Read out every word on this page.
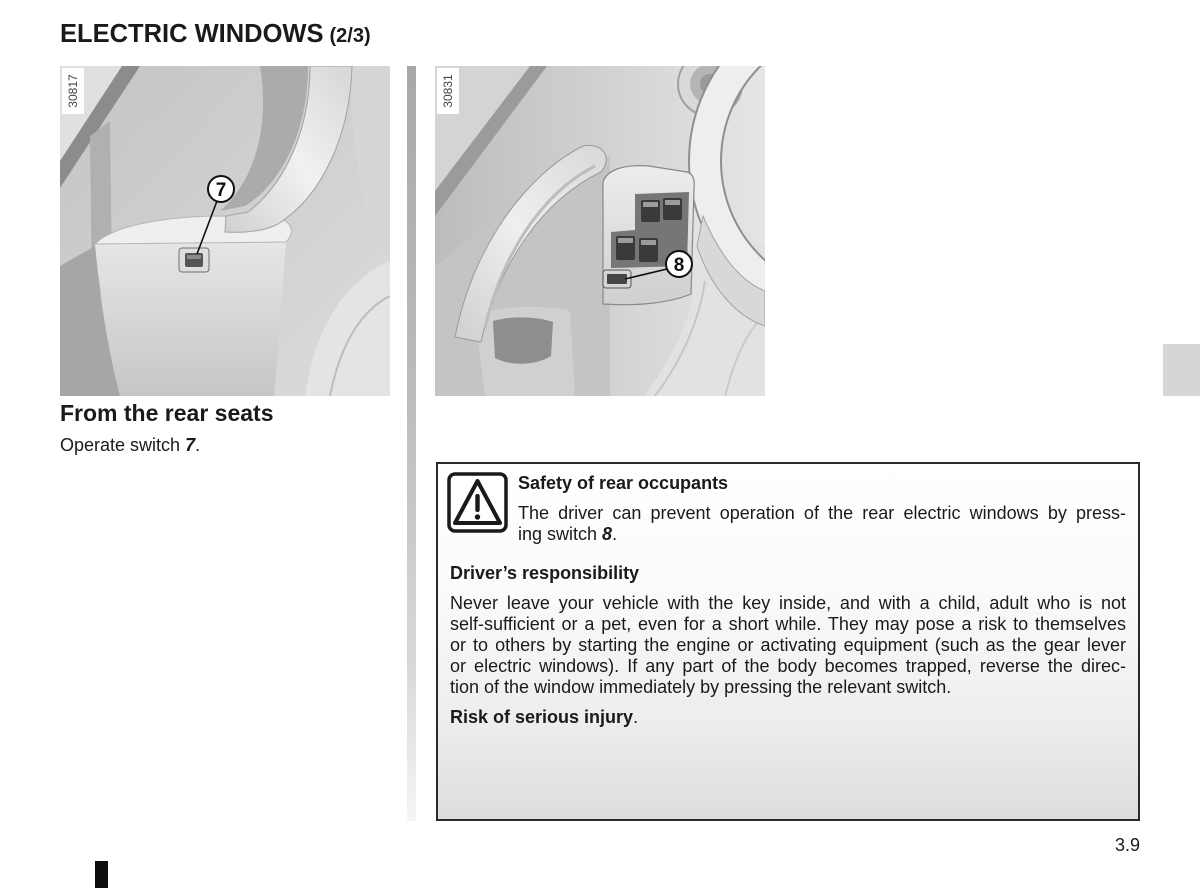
ELECTRIC WINDOWS (2/3)
7
30817
8
30831
From the rear seats
Operate switch 7.
Safety of rear occupants
The driver can prevent operation of the rear electric windows by press-
ing switch 8.
Driver’s responsibility
Never leave your vehicle with the key inside, and with a child, adult who is not
self-sufficient or a pet, even for a short while. They may pose a risk to themselves
or to others by starting the engine or activating equipment (such as the gear lever
or electric windows). If any part of the body becomes trapped, reverse the direc-
tion of the window immediately by pressing the relevant switch.
Risk of serious injury.
3.9
